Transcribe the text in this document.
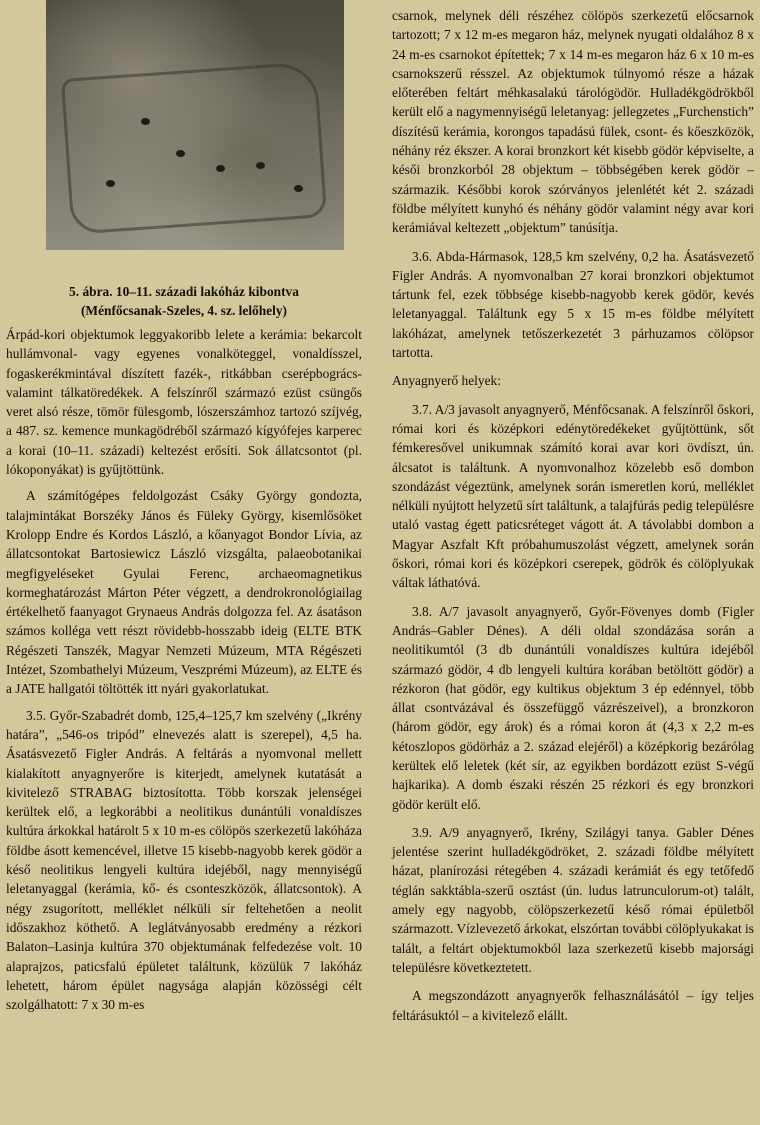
5. ábra. 10–11. századi lakóház kibontva
(Ménfőcsanak-Szeles, 4. sz. lelőhely)

Árpád-kori objektumok leggyakoribb lelete a kerámia: bekarcolt hullámvonal- vagy egyenes vonalköteggel, vonaldísszel, fogaskerékmintával díszített fazék-, ritkábban cserépbogrács- valamint tálkatöredékek. A felszínről származó ezüst csüngős veret alsó része, tömör fülesgomb, lószerszámhoz tartozó szíjvég, a 487. sz. kemence munkagödréből származó kígyófejes karperec a korai (10–11. századi) keltezést erősíti. Sok állatcsontot (pl. lókoponyákat) is gyűjtöttünk.

A számítógépes feldolgozást Csáky György gondozta, talajmintákat Borszéky János és Füleky György, kisemlősöket Krolopp Endre és Kordos László, a kőanyagot Bondor Lívia, az állatcsontokat Bartosiewicz László vizsgálta, palaeobotanikai megfigyeléseket Gyulai Ferenc, archaeomagnetikus kormeghatározást Márton Péter végzett, a dendrokronológiailag értékelhető faanyagot Grynaeus András dolgozza fel. Az ásatáson számos kolléga vett részt rövidebb-hosszabb ideig (ELTE BTK Régészeti Tanszék, Magyar Nemzeti Múzeum, MTA Régészeti Intézet, Szombathelyi Múzeum, Veszprémi Múzeum), az ELTE és a JATE hallgatói töltötték itt nyári gyakorlatukat.

3.5. Győr-Szabadrét domb, 125,4–125,7 km szelvény („Ikrény határa”, „546-os tripód” elnevezés alatt is szerepel), 4,5 ha. Ásatásvezető Figler András. A feltárás a nyomvonal mellett kialakított anyagnyerőre is kiterjedt, amelynek kutatását a kivitelező STRABAG biztosította. Több korszak jelenségei kerültek elő, a legkorábbi a neolitikus dunántúli vonaldíszes kultúra árkokkal határolt 5 x 10 m-es cölöpös szerkezetű lakóháza földbe ásott kemencével, illetve 15 kisebb-nagyobb kerek gödör a késő neolitikus lengyeli kultúra idejéből, nagy mennyiségű leletanyaggal (kerámia, kő- és csonteszközök, állatcsontok). A négy zsugorított, melléklet nélküli sír feltehetően a neolit időszakhoz köthető. A leglátványosabb eredmény a rézkori Balaton–Lasinja kultúra 370 objektumának felfedezése volt. 10 alaprajzos, paticsfalú épületet találtunk, közülük 7 lakóház lehetett, három épület nagysága alapján közösségi célt szolgálhatott: 7 x 30 m-es

csarnok, melynek déli részéhez cölöpös szerkezetű előcsarnok tartozott; 7 x 12 m-es megaron ház, melynek nyugati oldalához 8 x 24 m-es csarnokot építettek; 7 x 14 m-es megaron ház 6 x 10 m-es csarnokszerű résszel. Az objektumok túlnyomó része a házak előterében feltárt méhkasalakú tárológödör. Hulladékgödrökből került elő a nagymennyiségű leletanyag: jellegzetes „Furchenstich” díszítésű kerámia, korongos tapadású fülek, csont- és kőeszközök, néhány réz ékszer. A korai bronzkort két kisebb gödör képviselte, a késői bronzkorból 28 objektum – többségében kerek gödör – származik. Későbbi korok szórványos jelenlétét két 2. századi földbe mélyített kunyhó és néhány gödör valamint négy avar kori kerámiával keltezett „objektum” tanúsítja.

3.6. Abda-Hármasok, 128,5 km szelvény, 0,2 ha. Ásatásvezető Figler András. A nyomvonalban 27 korai bronzkori objektumot tártunk fel, ezek többsége kisebb-nagyobb kerek gödör, kevés leletanyaggal. Találtunk egy 5 x 15 m-es földbe mélyített lakóházat, amelynek tetőszerkezetét 3 párhuzamos cölöpsor tartotta.

Anyagnyerő helyek:

3.7. A/3 javasolt anyagnyerő, Ménfőcsanak. A felszínről őskori, római kori és középkori edénytöredékeket gyűjtöttünk, sőt fémkeresővel unikumnak számító korai avar kori övdíszt, ún. álcsatot is találtunk. A nyomvonalhoz közelebb eső dombon szondázást végeztünk, amelynek során ismeretlen korú, melléklet nélküli nyújtott helyzetű sírt találtunk, a talajfúrás pedig településre utaló vastag égett paticsréteget vágott át. A távolabbi dombon a Magyar Aszfalt Kft próbahumuszolást végzett, amelynek során őskori, római kori és középkori cserepek, gödrök és cölöplyukak váltak láthatóvá.

3.8. A/7 javasolt anyagnyerő, Győr-Fövenyes domb (Figler András–Gabler Dénes). A déli oldal szondázása során a neolitikumtól (3 db dunántúli vonaldíszes kultúra idejéből származó gödör, 4 db lengyeli kultúra korában betöltött gödör) a rézkoron (hat gödör, egy kultikus objektum 3 ép edénnyel, több állat csontvázával és összefüggő vázrészeivel), a bronzkoron (három gödör, egy árok) és a római koron át (4,3 x 2,2 m-es kétoszlopos gödörház a 2. század elejéről) a középkorig bezárólag kerültek elő leletek (két sír, az egyikben bordázott ezüst S-végű hajkarika). A domb északi részén 25 rézkori és egy bronzkori gödör került elő.

3.9. A/9 anyagnyerő, Ikrény, Szilágyi tanya. Gabler Dénes jelentése szerint hulladékgödröket, 2. századi földbe mélyített házat, planírozási rétegében 4. századi kerámiát és egy tetőfedő téglán sakktábla-szerű osztást (ún. ludus latrunculorum-ot) talált, amely egy nagyobb, cölöpszerkezetű késő római épületből származott. Vízlevezető árkokat, elszórtan további cölöplyukakat is talált, a feltárt objektumokból laza szerkezetű kisebb majorsági településre következtetett.

A megszondázott anyagnyerők felhasználásától – így teljes feltárásuktól – a kivitelező elállt.
